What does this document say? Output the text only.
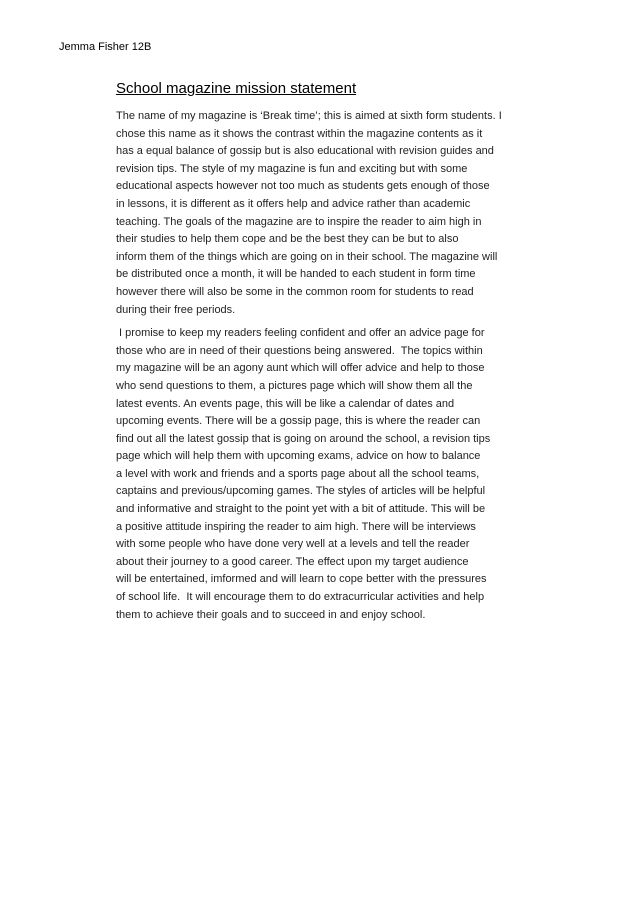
Jemma Fisher 12B
School magazine mission statement

The name of my magazine is ‘Break time’; this is aimed at sixth form students. I
chose this name as it shows the contrast within the magazine contents as it
has a equal balance of gossip but is also educational with revision guides and
revision tips. The style of my magazine is fun and exciting but with some
educational aspects however not too much as students gets enough of those
in lessons, it is different as it offers help and advice rather than academic
teaching. The goals of the magazine are to inspire the reader to aim high in
their studies to help them cope and be the best they can be but to also
inform them of the things which are going on in their school. The magazine will
be distributed once a month, it will be handed to each student in form time
however there will also be some in the common room for students to read
during their free periods.

I promise to keep my readers feeling confident and offer an advice page for
those who are in need of their questions being answered.  The topics within
my magazine will be an agony aunt which will offer advice and help to those
who send questions to them, a pictures page which will show them all the
latest events. An events page, this will be like a calendar of dates and
upcoming events. There will be a gossip page, this is where the reader can
find out all the latest gossip that is going on around the school, a revision tips
page which will help them with upcoming exams, advice on how to balance
a level with work and friends and a sports page about all the school teams,
captains and previous/upcoming games. The styles of articles will be helpful
and informative and straight to the point yet with a bit of attitude. This will be
a positive attitude inspiring the reader to aim high. There will be interviews
with some people who have done very well at a levels and tell the reader
about their journey to a good career. The effect upon my target audience
will be entertained, imformed and will learn to cope better with the pressures
of school life.  It will encourage them to do extracurricular activities and help
them to achieve their goals and to succeed in and enjoy school.
